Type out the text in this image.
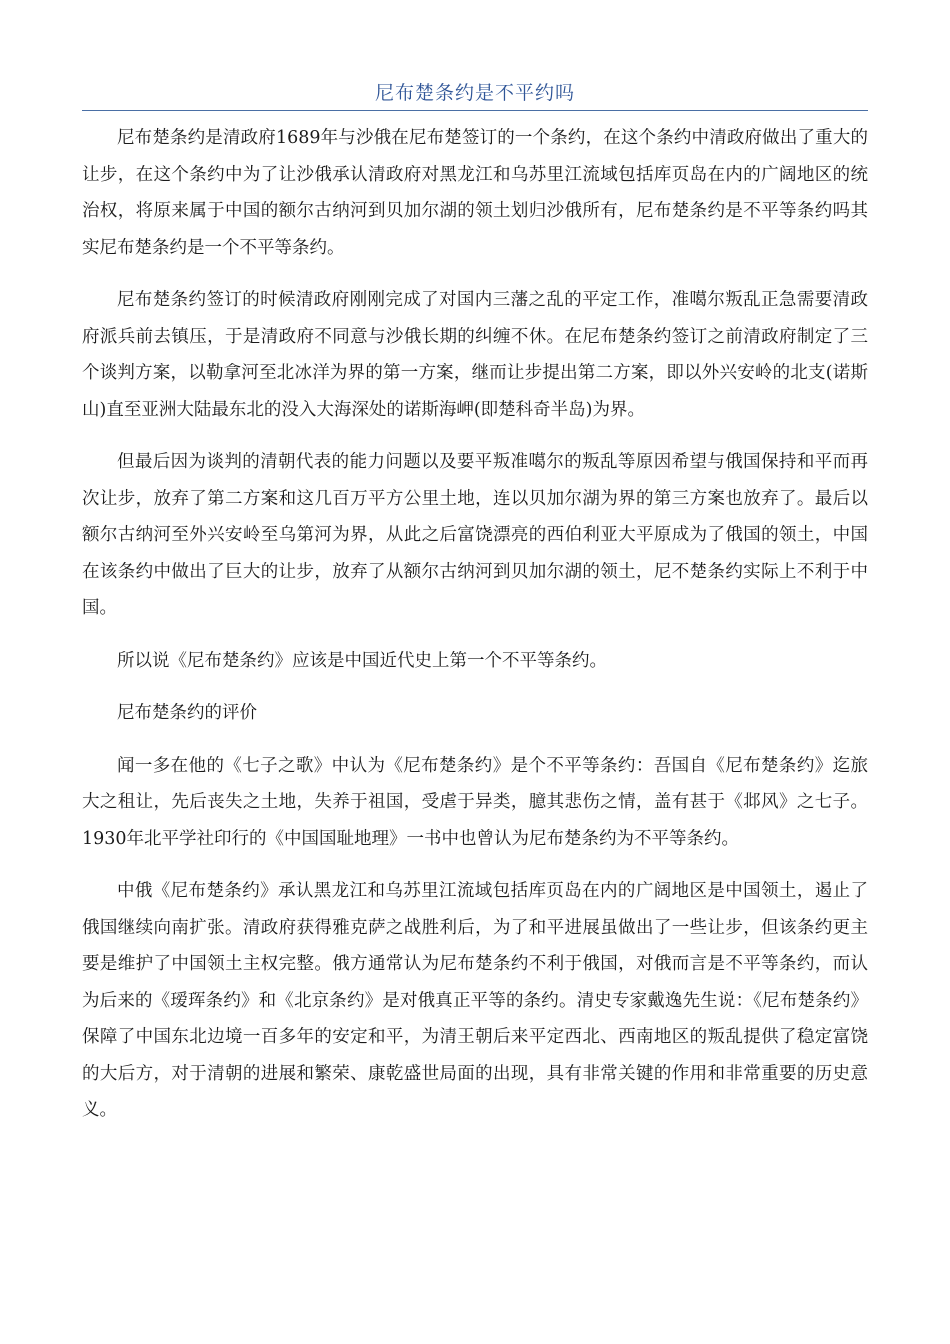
尼布楚条约是不平约吗

尼布楚条约是清政府1689年与沙俄在尼布楚签订的一个条约，在这个条约中清政府做出了重大的让步，在这个条约中为了让沙俄承认清政府对黑龙江和乌苏里江流域包括库页岛在内的广阔地区的统治权，将原来属于中国的额尔古纳河到贝加尔湖的领土划归沙俄所有，尼布楚条约是不平等条约吗其实尼布楚条约是一个不平等条约。

尼布楚条约签订的时候清政府刚刚完成了对国内三藩之乱的平定工作，准噶尔叛乱正急需要清政府派兵前去镇压，于是清政府不同意与沙俄长期的纠缠不休。在尼布楚条约签订之前清政府制定了三个谈判方案，以勒拿河至北冰洋为界的第一方案，继而让步提出第二方案，即以外兴安岭的北支(诺斯山)直至亚洲大陆最东北的没入大海深处的诺斯海岬(即楚科奇半岛)为界。

但最后因为谈判的清朝代表的能力问题以及要平叛准噶尔的叛乱等原因希望与俄国保持和平而再次让步，放弃了第二方案和这几百万平方公里土地，连以贝加尔湖为界的第三方案也放弃了。最后以额尔古纳河至外兴安岭至乌第河为界，从此之后富饶漂亮的西伯利亚大平原成为了俄国的领土，中国在该条约中做出了巨大的让步，放弃了从额尔古纳河到贝加尔湖的领土，尼不楚条约实际上不利于中国。

所以说《尼布楚条约》应该是中国近代史上第一个不平等条约。

尼布楚条约的评价

闻一多在他的《七子之歌》中认为《尼布楚条约》是个不平等条约：吾国自《尼布楚条约》迄旅大之租让，先后丧失之土地，失养于祖国，受虐于异类，臆其悲伤之情，盖有甚于《邶风》之七子。1930年北平学社印行的《中国国耻地理》一书中也曾认为尼布楚条约为不平等条约。

中俄《尼布楚条约》承认黑龙江和乌苏里江流域包括库页岛在内的广阔地区是中国领土，遏止了俄国继续向南扩张。清政府获得雅克萨之战胜利后，为了和平进展虽做出了一些让步，但该条约更主要是维护了中国领土主权完整。俄方通常认为尼布楚条约不利于俄国，对俄而言是不平等条约，而认为后来的《瑷珲条约》和《北京条约》是对俄真正平等的条约。清史专家戴逸先生说：《尼布楚条约》保障了中国东北边境一百多年的安定和平，为清王朝后来平定西北、西南地区的叛乱提供了稳定富饶的大后方，对于清朝的进展和繁荣、康乾盛世局面的出现，具有非常关键的作用和非常重要的历史意义。
